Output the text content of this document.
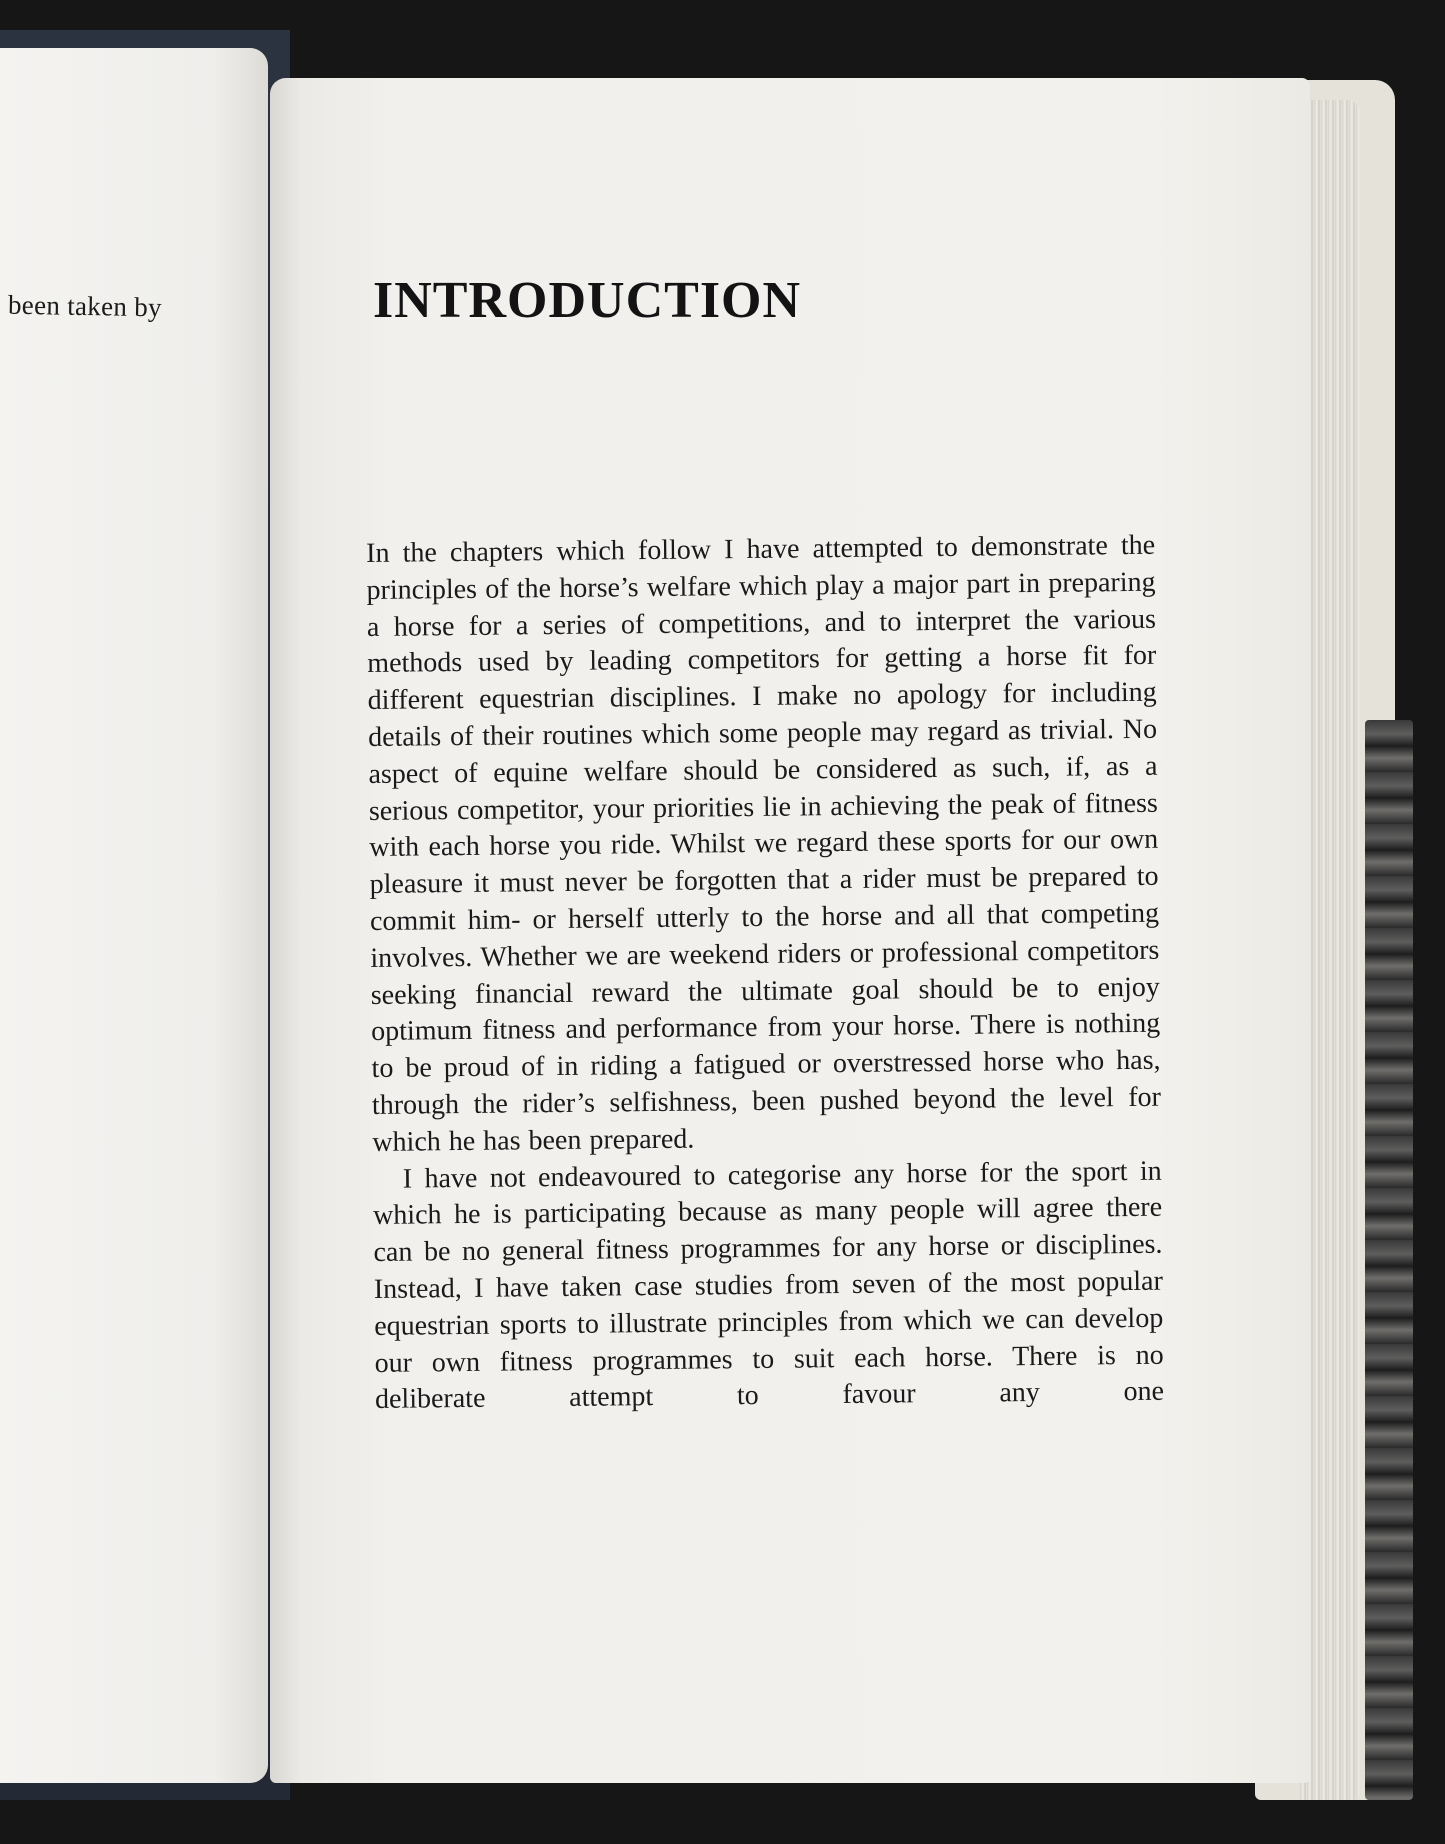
been taken by	INTRODUCTION

In the chapters which follow I have attempted to demonstrate the principles of the horse’s welfare which play a major part in preparing a horse for a series of competitions, and to interpret the various methods used by leading competitors for getting a horse fit for different equestrian disciplines. I make no apology for including details of their routines which some people may regard as trivial. No aspect of equine welfare should be considered as such, if, as a serious competitor, your priorities lie in achieving the peak of fitness with each horse you ride. Whilst we regard these sports for our own pleasure it must never be forgotten that a rider must be prepared to commit him- or herself utterly to the horse and all that competing involves. Whether we are weekend riders or professional competitors seeking financial reward the ultimate goal should be to enjoy optimum fitness and performance from your horse. There is nothing to be proud of in riding a fatigued or overstressed horse who has, through the rider’s selfishness, been pushed beyond the level for which he has been prepared.

I have not endeavoured to categorise any horse for the sport in which he is participating because as many people will agree there can be no general fitness programmes for any horse or disciplines. Instead, I have taken case studies from seven of the most popular equestrian sports to illustrate principles from which we can develop our own fitness programmes to suit each horse. There is no deliberate attempt to favour any one
